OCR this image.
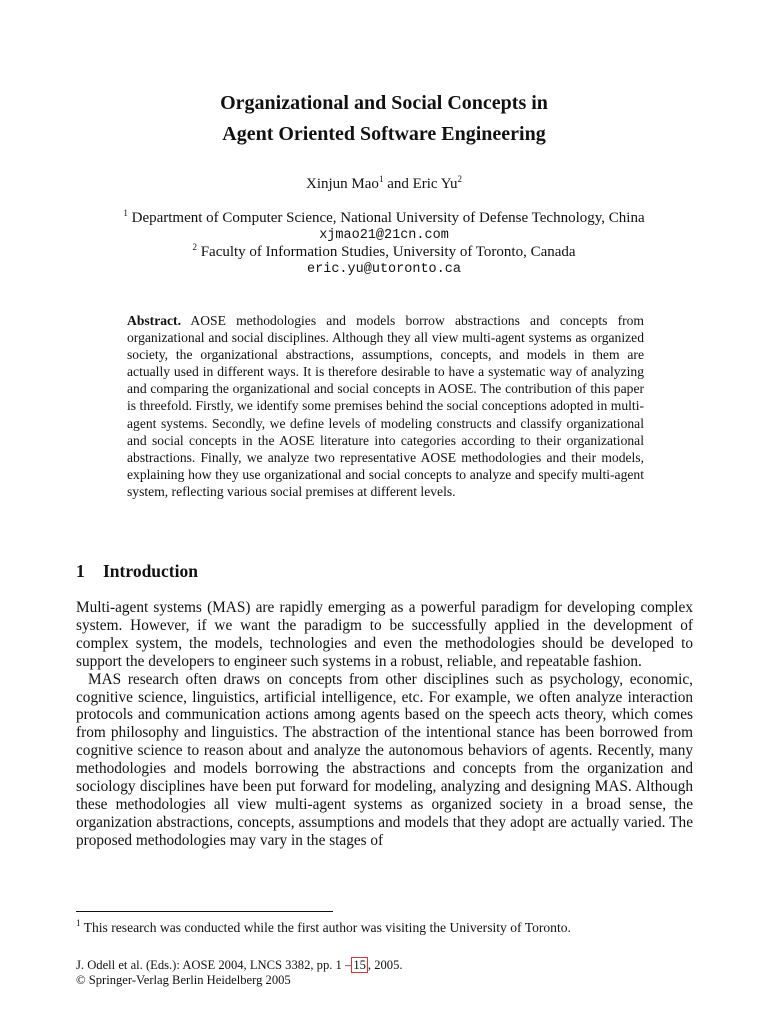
Organizational and Social Concepts in
Agent Oriented Software Engineering
Xinjun Mao$^1$ and Eric Yu$^2$
$^1$ Department of Computer Science, National University of Defense Technology, China
xjmao21@21cn.com
$^2$ Faculty of Information Studies, University of Toronto, Canada
eric.yu@utoronto.ca
Abstract. AOSE methodologies and models borrow abstractions and concepts from organizational and social disciplines. Although they all view multi-agent systems as organized society, the organizational abstractions, assumptions, concepts, and models in them are actually used in different ways. It is therefore desirable to have a systematic way of analyzing and comparing the organizational and social concepts in AOSE. The contribution of this paper is threefold. Firstly, we identify some premises behind the social conceptions adopted in multi-agent systems. Secondly, we define levels of modeling constructs and classify organizational and social concepts in the AOSE literature into categories according to their organizational abstractions. Finally, we analyze two representative AOSE methodologies and their models, explaining how they use organizational and social concepts to analyze and specify multi-agent system, reflecting various social premises at different levels.
1 Introduction

Multi-agent systems (MAS) are rapidly emerging as a powerful paradigm for developing complex system. However, if we want the paradigm to be successfully applied in the development of complex system, the models, technologies and even the methodologies should be developed to support the developers to engineer such systems in a robust, reliable, and repeatable fashion.

MAS research often draws on concepts from other disciplines such as psychology, economic, cognitive science, linguistics, artificial intelligence, etc. For example, we often analyze interaction protocols and communication actions among agents based on the speech acts theory, which comes from philosophy and linguistics. The abstraction of the intentional stance has been borrowed from cognitive science to reason about and analyze the autonomous behaviors of agents. Recently, many methodologies and models borrowing the abstractions and concepts from the organization and sociology disciplines have been put forward for modeling, analyzing and designing MAS. Although these methodologies all view multi-agent systems as organized society in a broad sense, the organization abstractions, concepts, assumptions and models that they adopt are actually varied. The proposed methodologies may vary in the stages of

$^1$ This research was conducted while the first author was visiting the University of Toronto.
J. Odell et al. (Eds.): AOSE 2004, LNCS 3382, pp. 1 – 15 , 2005.
© Springer-Verlag Berlin Heidelberg 2005
